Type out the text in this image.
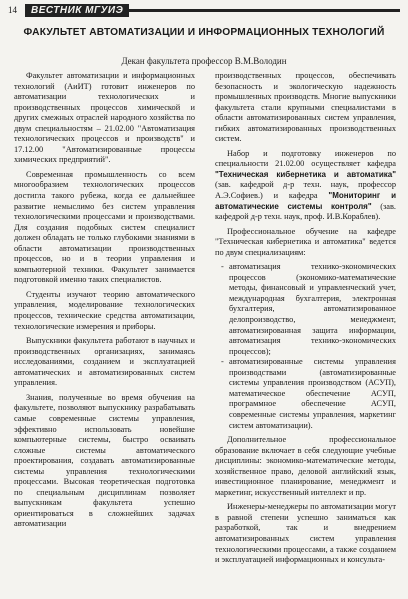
14	ВЕСТНИК МГУИЭ
ФАКУЛЬТЕТ АВТОМАТИЗАЦИИ И ИНФОРМАЦИОННЫХ ТЕХНОЛОГИЙ
Декан факультета профессор В.М.Володин

Факультет автоматизации и информационных технологий (АиИТ) готовит инженеров по автоматизации технологических и производственных процессов химической и других смежных отраслей народного хозяйства по двум специальностям – 21.02.00 "Автоматизация технологических процессов и производств" и 17.12.00 "Автоматизированные процессы химических предприятий".

Современная промышленность со всем многообразием технологических процессов достигла такого рубежа, когда ее дальнейшее развитие немыслимо без систем управления технологическими процессами и производствами. Для создания подобных систем специалист должен обладать не только глубокими знаниями в области автоматизации производственных процессов, но и в теории управления и компьютерной техники. Факультет занимается подготовкой именно таких специалистов.

Студенты изучают теорию автоматического управления, моделирование технологических процессов, технические средства автоматизации, технологические измерения и приборы.

Выпускники факультета работают в научных и производственных организациях, занимаясь исследованиями, созданием и эксплуатацией автоматических и автоматизированных систем управления.

Знания, полученные во время обучения на факультете, позволяют выпускнику разрабатывать самые современные системы управления, эффективно использовать новейшие компьютерные системы, быстро осваивать сложные системы автоматического проектирования, создавать автоматизированные системы управления технологическими процессами. Высокая теоретическая подготовка по специальным дисциплинам позволяет выпускникам факультета успешно ориентироваться в сложнейших задачах автоматизации

производственных процессов, обеспечивать безопасность и экологическую надежность промышленных производств. Многие выпускники факультета стали крупными специалистами в области автоматизированных систем управления, гибких автоматизированных производственных систем.

Набор и подготовку инженеров по специальности 21.02.00 осуществляет кафедра "Техническая кибернетика и автоматика" (зав. кафедрой д-р техн. наук, профессор А.Э.Софиев.) и кафедра "Мониторинг и автоматические системы контроля" (зав. кафедрой д-р техн. наук, проф. И.В.Кораблев).

Профессиональное обучение на кафедре "Техническая кибернетика и автоматика" ведется по двум специализациям:

- автоматизация технико-экономических процессов (экономико-математические методы, финансовый и управленческий учет, международная бухгалтерия, электронная бухгалтерия, автоматизированное делопроизводство, менеджмент, автоматизированная защита информации, автоматизация технико-экономических процессов);
- автоматизированные системы управления производствами (автоматизированные системы управления производством (АСУП), математическое обеспечение АСУП, программное обеспечение АСУП, современные системы управления, маркетинг систем автоматизации).

Дополнительное профессиональное образование включает в себя следующие учебные дисциплины: экономико-математические методы, хозяйственное право, деловой английский язык, инвестиционное планирование, менеджмент и маркетинг, искусственный интеллект и пр.

Инженеры-менеджеры по автоматизации могут в равной степени успешно заниматься как разработкой, так и внедрением автоматизированных систем управления технологическими процессами, а также созданием и эксплуатацией информационных и консульта-
